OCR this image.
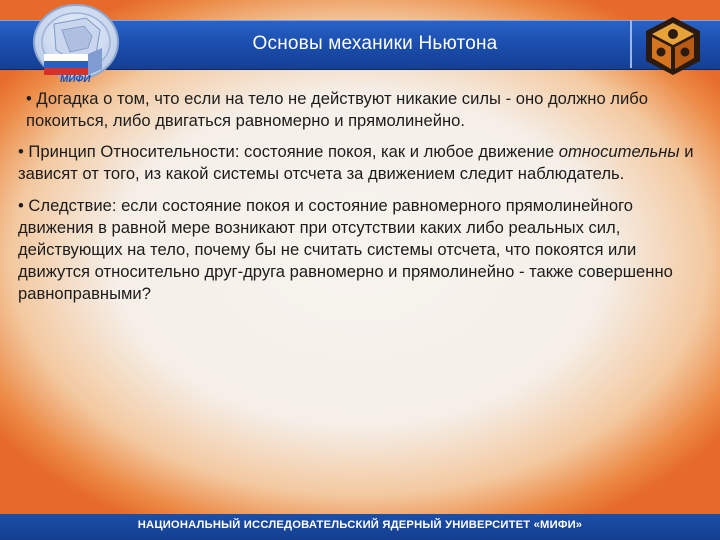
Основы механики Ньютона
МИФИ

• Догадка о том, что если на тело не действуют никакие силы - оно должно либо покоиться, либо двигаться равномерно и прямолинейно.

• Принцип Относительности: состояние покоя, как и любое движение относительны и зависят от того, из какой системы отсчета за движением следит наблюдатель.

• Следствие: если состояние покоя и состояние равномерного прямолинейного движения в равной мере возникают при отсутствии каких либо реальных сил, действующих на тело, почему бы не считать системы отсчета, что покоятся или движутся относительно друг-друга равномерно и прямолинейно - также совершенно равноправными?

НАЦИОНАЛЬНЫЙ ИССЛЕДОВАТЕЛЬСКИЙ ЯДЕРНЫЙ УНИВЕРСИТЕТ «МИФИ»
